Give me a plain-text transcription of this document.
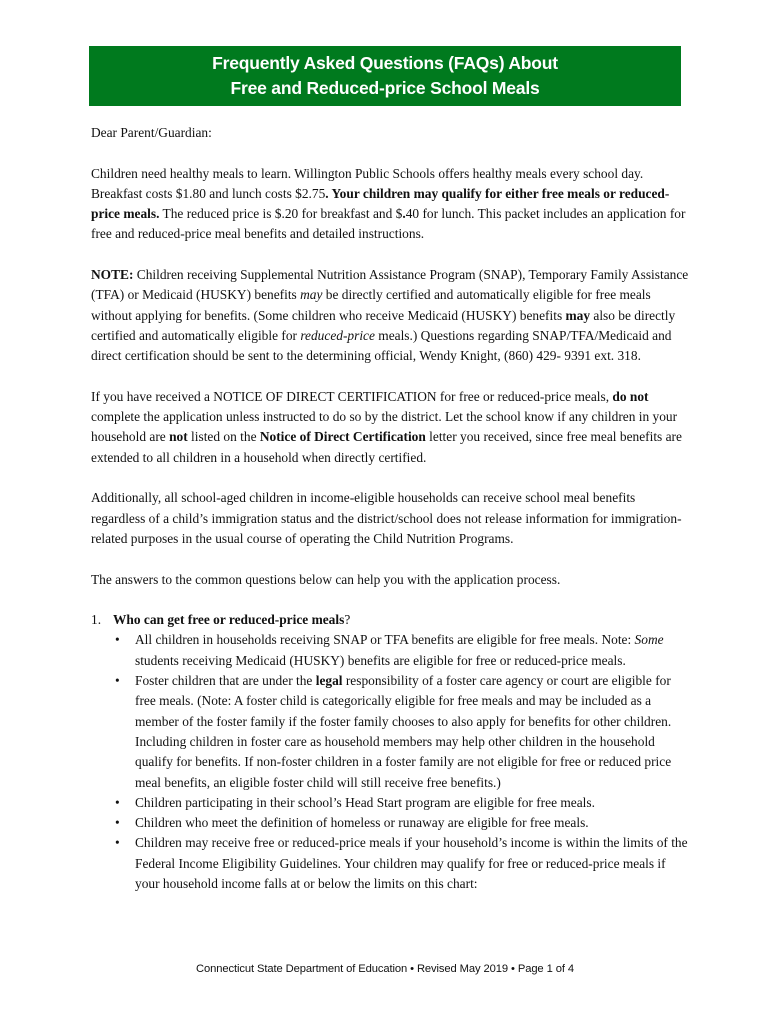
Frequently Asked Questions (FAQs) About
Free and Reduced-price School Meals

Dear Parent/Guardian:

Children need healthy meals to learn. Willington Public Schools offers healthy meals every school day. Breakfast costs $1.80 and lunch costs $2.75. Your children may qualify for either free meals or reduced-price meals. The reduced price is $.20 for breakfast and $.40 for lunch. This packet includes an application for free and reduced-price meal benefits and detailed instructions.

NOTE: Children receiving Supplemental Nutrition Assistance Program (SNAP), Temporary Family Assistance (TFA) or Medicaid (HUSKY) benefits may be directly certified and automatically eligible for free meals without applying for benefits. (Some children who receive Medicaid (HUSKY) benefits may also be directly certified and automatically eligible for reduced-price meals.) Questions regarding SNAP/TFA/Medicaid and direct certification should be sent to the determining official, Wendy Knight, (860) 429- 9391 ext. 318.

If you have received a NOTICE OF DIRECT CERTIFICATION for free or reduced-price meals, do not complete the application unless instructed to do so by the district. Let the school know if any children in your household are not listed on the Notice of Direct Certification letter you received, since free meal benefits are extended to all children in a household when directly certified.

Additionally, all school-aged children in income-eligible households can receive school meal benefits regardless of a child’s immigration status and the district/school does not release information for immigration-related purposes in the usual course of operating the Child Nutrition Programs.

The answers to the common questions below can help you with the application process.

1. Who can get free or reduced-price meals?
• All children in households receiving SNAP or TFA benefits are eligible for free meals. Note: Some students receiving Medicaid (HUSKY) benefits are eligible for free or reduced-price meals.
• Foster children that are under the legal responsibility of a foster care agency or court are eligible for free meals. (Note: A foster child is categorically eligible for free meals and may be included as a member of the foster family if the foster family chooses to also apply for benefits for other children. Including children in foster care as household members may help other children in the household qualify for benefits. If non-foster children in a foster family are not eligible for free or reduced price meal benefits, an eligible foster child will still receive free benefits.)
• Children participating in their school’s Head Start program are eligible for free meals.
• Children who meet the definition of homeless or runaway are eligible for free meals.
• Children may receive free or reduced-price meals if your household’s income is within the limits of the Federal Income Eligibility Guidelines. Your children may qualify for free or reduced-price meals if your household income falls at or below the limits on this chart:
Connecticut State Department of Education • Revised May 2019 • Page 1 of 4
